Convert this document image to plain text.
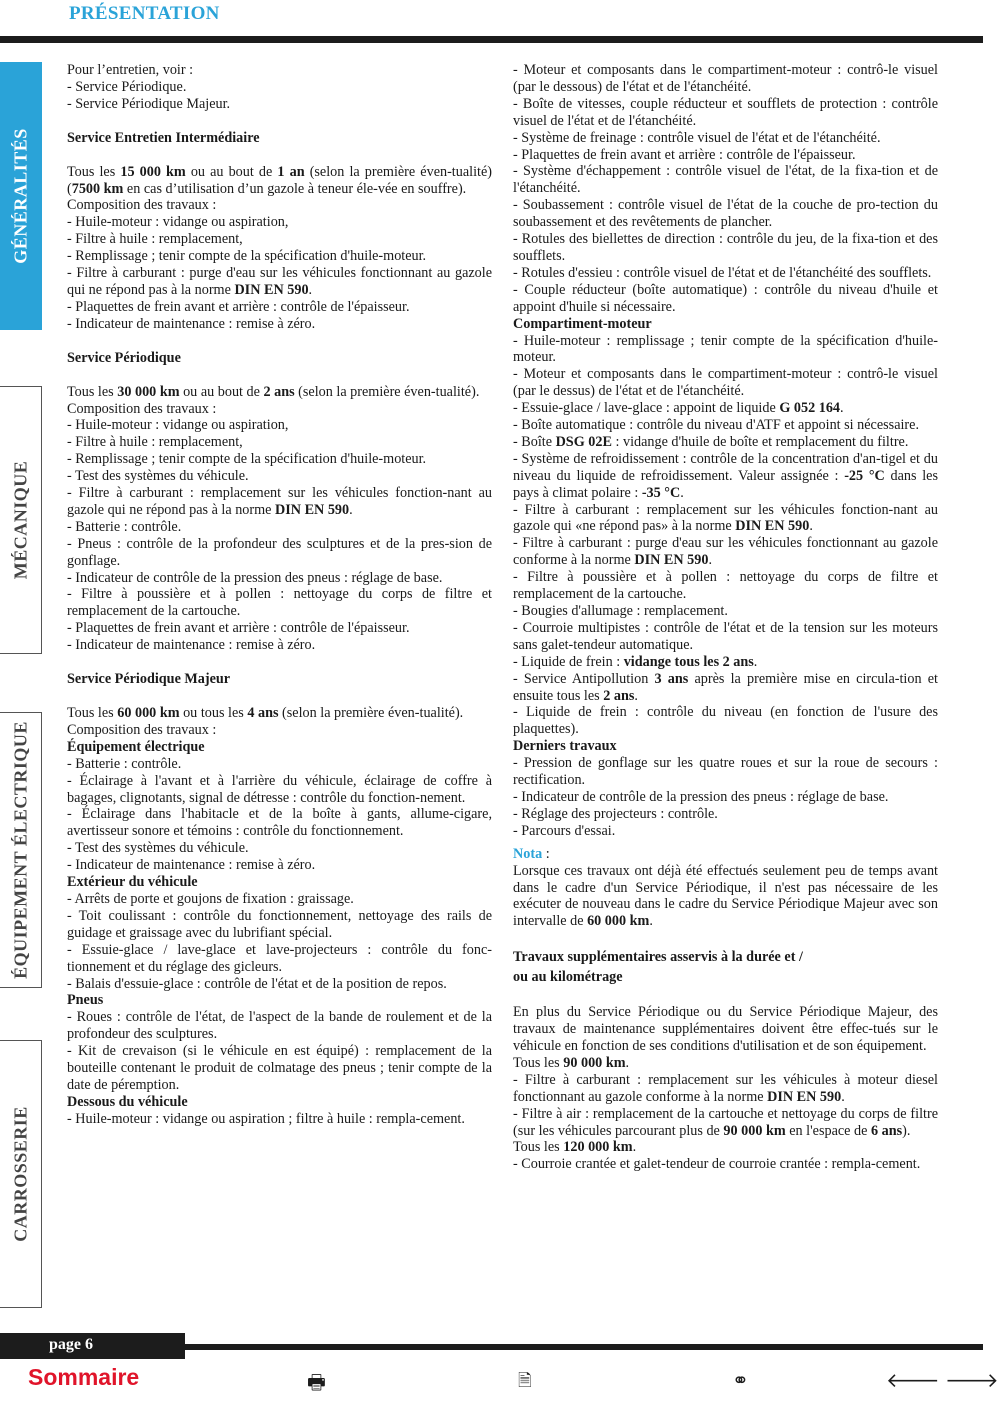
PRÉSENTATION
GÉNÉRALITÉS
MÉCANIQUE
ÉQUIPEMENT ÉLECTRIQUE
CARROSSERIE

Pour l’entretien, voir :

- Service Périodique.

- Service Périodique Majeur.

Service Entretien Intermédiaire

Tous les 15 000 km ou au bout de 1 an (selon la première éven-tualité) (7500 km en cas d’utilisation d’un gazole à teneur éle-vée en souffre).

Composition des travaux :

- Huile-moteur : vidange ou aspiration,

- Filtre à huile : remplacement,

- Remplissage ; tenir compte de la spécification d'huile-moteur.

- Filtre à carburant : purge d'eau sur les véhicules fonctionnant au gazole qui ne répond pas à la norme DIN EN 590.

- Plaquettes de frein avant et arrière : contrôle de l'épaisseur.

- Indicateur de maintenance : remise à zéro.

Service Périodique

Tous les 30 000 km ou au bout de 2 ans (selon la première éven-tualité).

Composition des travaux :

- Huile-moteur : vidange ou aspiration,

- Filtre à huile : remplacement,

- Remplissage ; tenir compte de la spécification d'huile-moteur.

- Test des systèmes du véhicule.

- Filtre à carburant : remplacement sur les véhicules fonction-nant au gazole qui ne répond pas à la norme DIN EN 590.

- Batterie : contrôle.

- Pneus : contrôle de la profondeur des sculptures et de la pres-sion de gonflage.

- Indicateur de contrôle de la pression des pneus : réglage de base.

- Filtre à poussière et à pollen : nettoyage du corps de filtre et remplacement de la cartouche.

- Plaquettes de frein avant et arrière : contrôle de l'épaisseur.

- Indicateur de maintenance : remise à zéro.

Service Périodique Majeur

Tous les 60 000 km ou tous les 4 ans (selon la première éven-tualité).

Composition des travaux :

Équipement électrique

- Batterie : contrôle.

- Éclairage à l'avant et à l'arrière du véhicule, éclairage de coffre à bagages, clignotants, signal de détresse : contrôle du fonction-nement.

- Éclairage dans l'habitacle et de la boîte à gants, allume-cigare, avertisseur sonore et témoins : contrôle du fonctionnement.

- Test des systèmes du véhicule.

- Indicateur de maintenance : remise à zéro.

Extérieur du véhicule

- Arrêts de porte et goujons de fixation : graissage.

- Toit coulissant : contrôle du fonctionnement, nettoyage des rails de guidage et graissage avec du lubrifiant spécial.

- Essuie-glace / lave-glace et lave-projecteurs : contrôle du fonc-tionnement et du réglage des gicleurs.

- Balais d'essuie-glace : contrôle de l'état et de la position de repos.

Pneus

- Roues : contrôle de l'état, de l'aspect de la bande de roulement et de la profondeur des sculptures.

- Kit de crevaison (si le véhicule en est équipé) : remplacement de la bouteille contenant le produit de colmatage des pneus ; tenir compte de la date de péremption.

Dessous du véhicule

- Huile-moteur : vidange ou aspiration ; filtre à huile : rempla-cement.

- Moteur et composants dans le compartiment-moteur : contrô-le visuel (par le dessous) de l'état et de l'étanchéité.

- Boîte de vitesses, couple réducteur et soufflets de protection : contrôle visuel de l'état et de l'étanchéité.

- Système de freinage : contrôle visuel de l'état et de l'étanchéité.

- Plaquettes de frein avant et arrière : contrôle de l'épaisseur.

- Système d'échappement : contrôle visuel de l'état, de la fixa-tion et de l'étanchéité.

- Soubassement : contrôle visuel de l'état de la couche de pro-tection du soubassement et des revêtements de plancher.

- Rotules des biellettes de direction : contrôle du jeu, de la fixa-tion et des soufflets.

- Rotules d'essieu : contrôle visuel de l'état et de l'étanchéité des soufflets.

- Couple réducteur (boîte automatique) : contrôle du niveau d'huile et appoint d'huile si nécessaire.

Compartiment-moteur

- Huile-moteur : remplissage ; tenir compte de la spécification d'huile-moteur.

- Moteur et composants dans le compartiment-moteur : contrô-le visuel (par le dessus) de l'état et de l'étanchéité.

- Essuie-glace / lave-glace : appoint de liquide G 052 164.

- Boîte automatique : contrôle du niveau d'ATF et appoint si nécessaire.

- Boîte DSG 02E : vidange d'huile de boîte et remplacement du filtre.

- Système de refroidissement : contrôle de la concentration d'an-tigel et du niveau du liquide de refroidissement. Valeur assignée : -25 °C dans les pays à climat polaire : -35 °C.

- Filtre à carburant : remplacement sur les véhicules fonction-nant au gazole qui «ne répond pas» à la norme DIN EN 590.

- Filtre à carburant : purge d'eau sur les véhicules fonctionnant au gazole conforme à la norme DIN EN 590.

- Filtre à poussière et à pollen : nettoyage du corps de filtre et remplacement de la cartouche.

- Bougies d'allumage : remplacement.

- Courroie multipistes : contrôle de l'état et de la tension sur les moteurs sans galet-tendeur automatique.

- Liquide de frein : vidange tous les 2 ans.

- Service Antipollution 3 ans après la première mise en circula-tion et ensuite tous les 2 ans.

- Liquide de frein : contrôle du niveau (en fonction de l'usure des plaquettes).

Derniers travaux

- Pression de gonflage sur les quatre roues et sur la roue de secours : rectification.

- Indicateur de contrôle de la pression des pneus : réglage de base.

- Réglage des projecteurs : contrôle.

- Parcours d'essai.

Nota :

Lorsque ces travaux ont déjà été effectués seulement peu de temps avant dans le cadre d'un Service Périodique, il n'est pas nécessaire de les exécuter de nouveau dans le cadre du Service Périodique Majeur avec son intervalle de 60 000 km.

Travaux supplémentaires asservis à la durée et /
ou au kilométrage

En plus du Service Périodique ou du Service Périodique Majeur, des travaux de maintenance supplémentaires doivent être effec-tués sur le véhicule en fonction de ses conditions d'utilisation et de son équipement.

Tous les 90 000 km.

- Filtre à carburant : remplacement sur les véhicules à moteur diesel fonctionnant au gazole conforme à la norme DIN EN 590.

- Filtre à air : remplacement de la cartouche et nettoyage du corps de filtre (sur les véhicules parcourant plus de 90 000 km en l'espace de 6 ans).

Tous les 120 000 km.

- Courroie crantée et galet-tendeur de courroie crantée : rempla-cement.

page 6
Sommaire	🖶	🗎	⚭	🡐 🡒
